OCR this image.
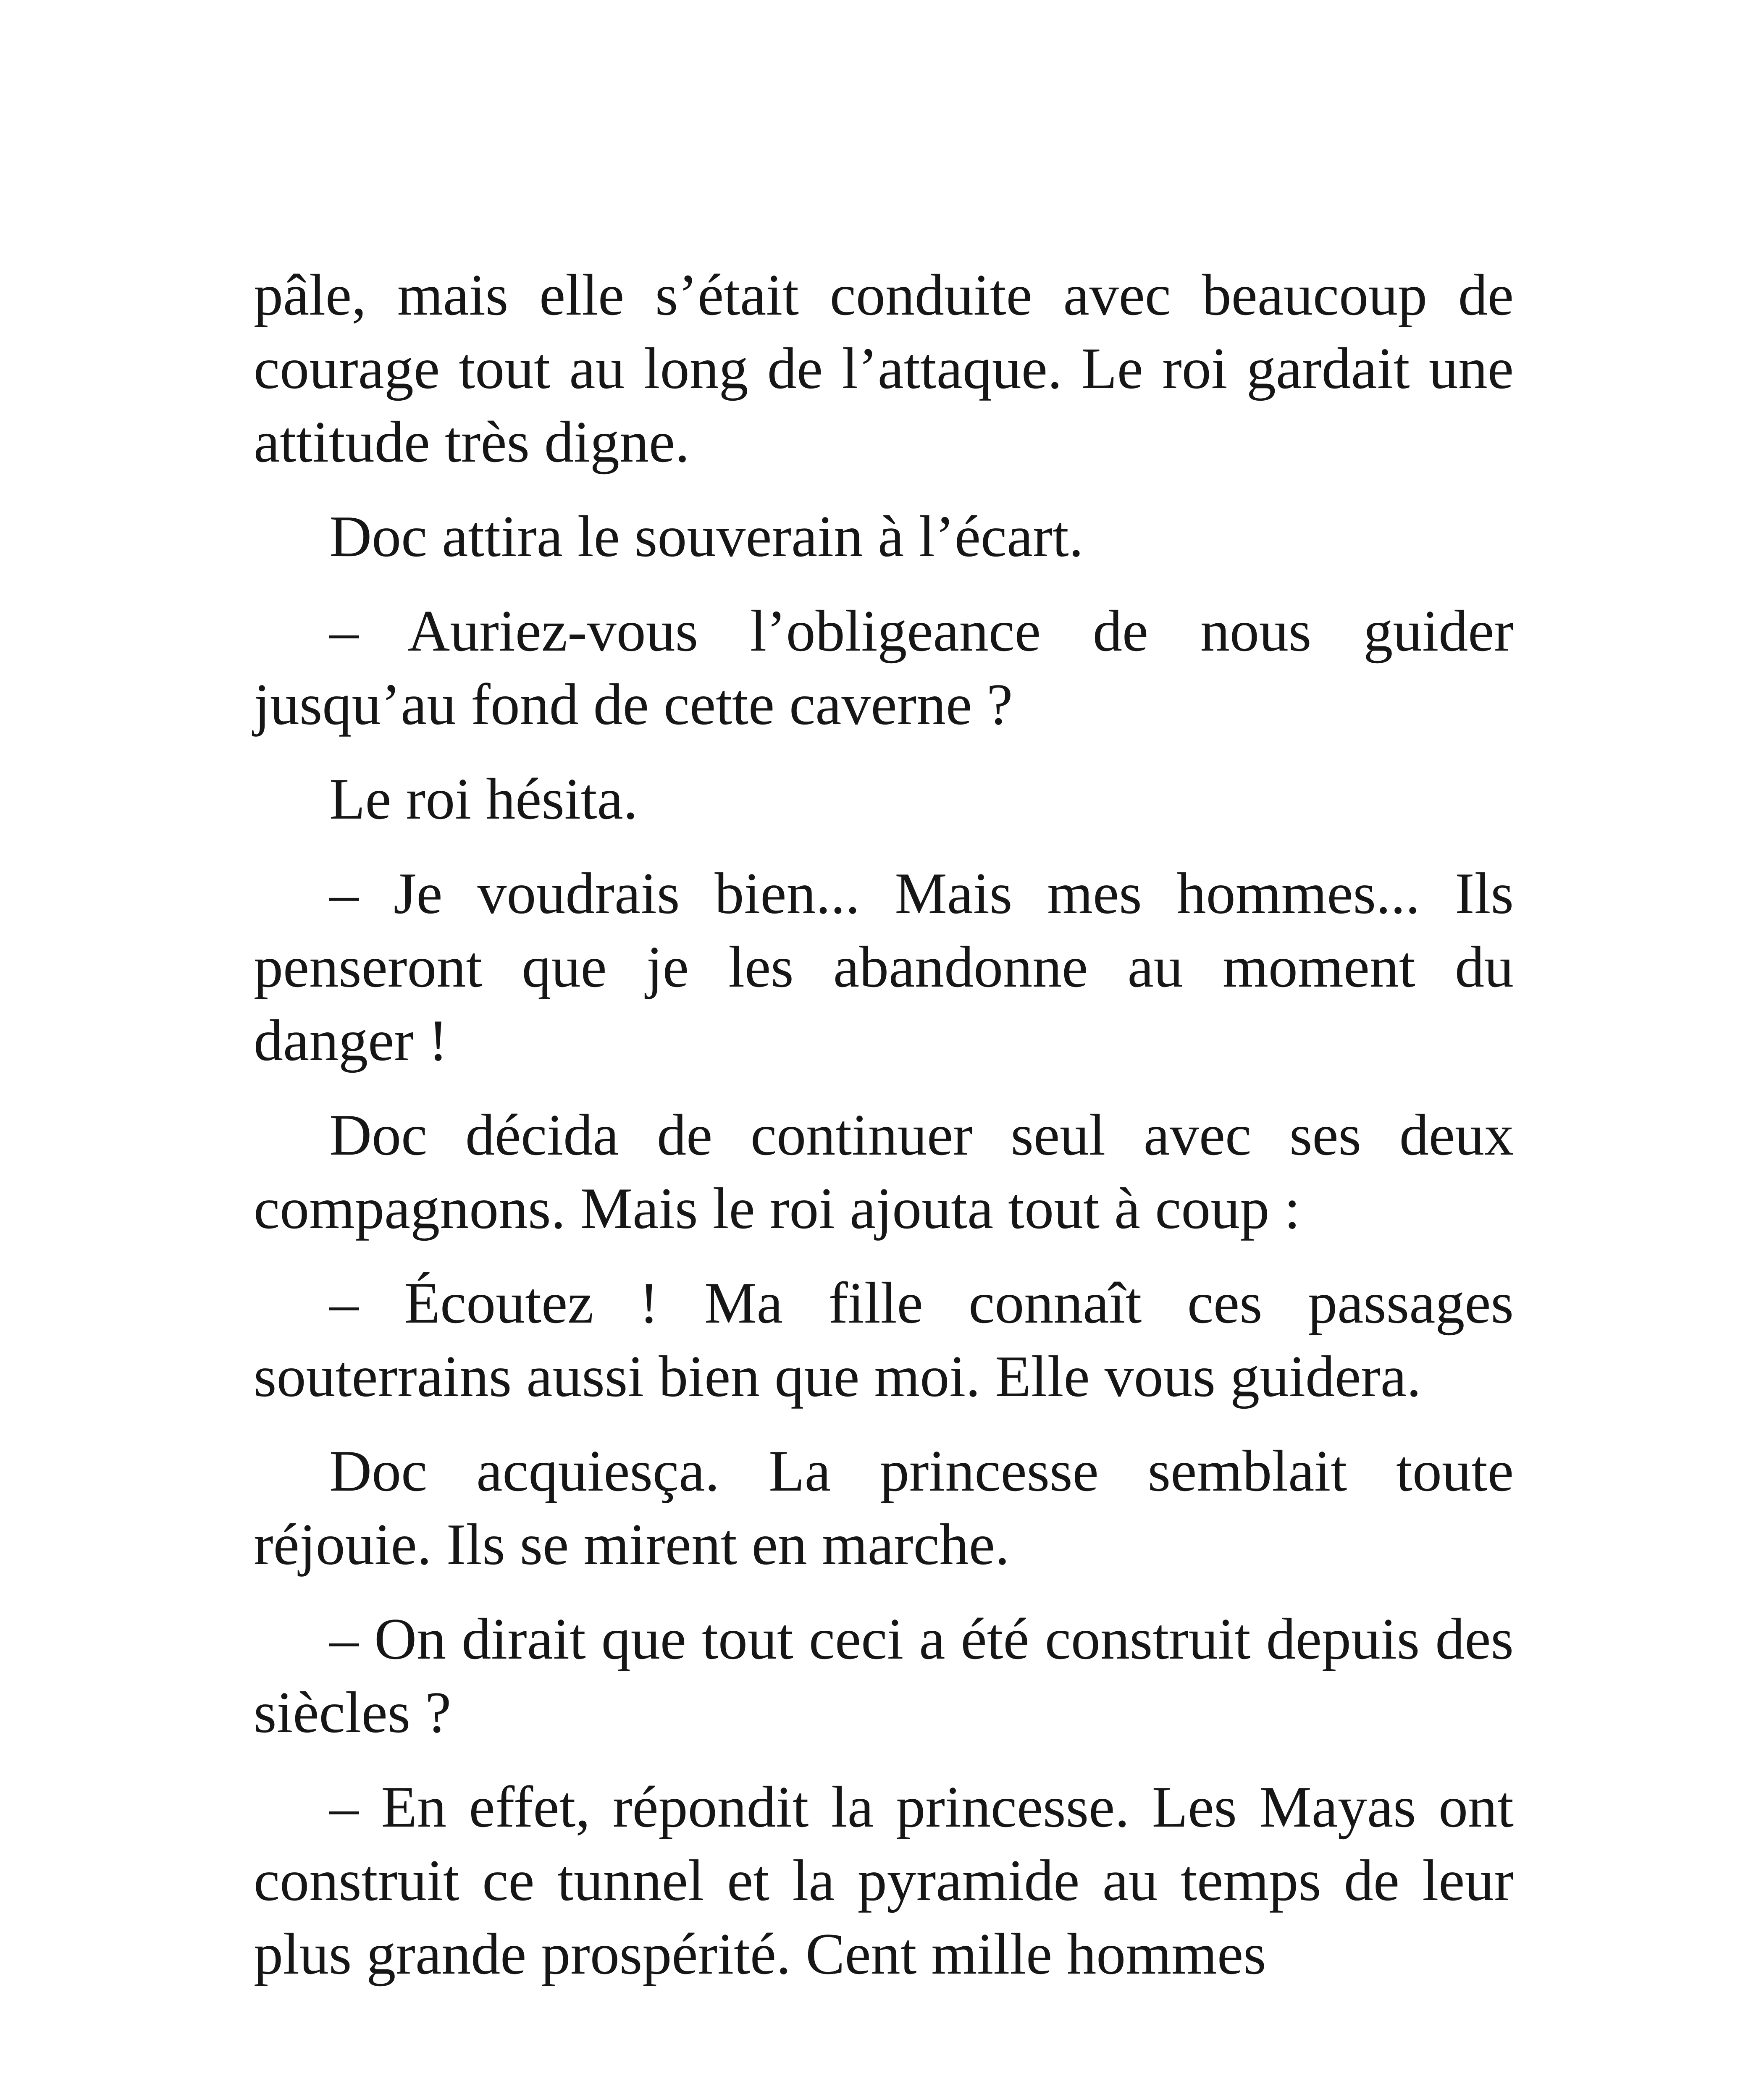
pâle, mais elle s’était conduite avec beaucoup de courage tout au long de l’attaque. Le roi gardait une attitude très digne.

Doc attira le souverain à l’écart.

– Auriez-vous l’obligeance de nous guider jusqu’au fond de cette caverne ?

Le roi hésita.

– Je voudrais bien... Mais mes hommes... Ils penseront que je les abandonne au moment du danger !

Doc décida de continuer seul avec ses deux compagnons. Mais le roi ajouta tout à coup :

– Écoutez ! Ma fille connaît ces passages souterrains aussi bien que moi. Elle vous guidera.

Doc acquiesça. La princesse semblait toute réjouie. Ils se mirent en marche.

– On dirait que tout ceci a été construit depuis des siècles ?

– En effet, répondit la princesse. Les Mayas ont construit ce tunnel et la pyramide au temps de leur plus grande prospérité. Cent mille hommes
